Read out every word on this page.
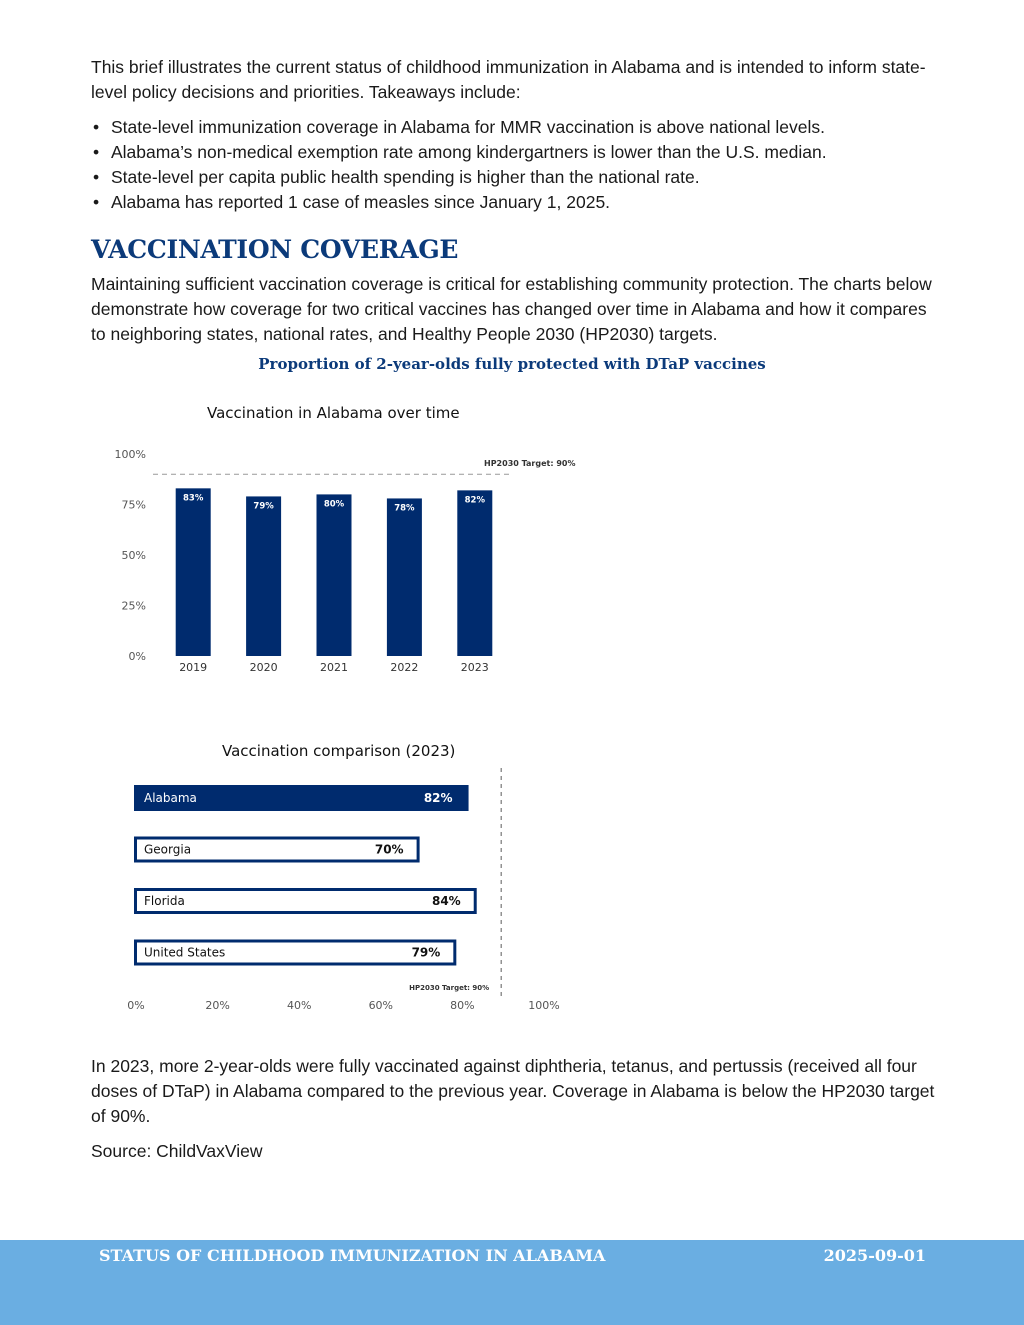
This brief illustrates the current status of childhood immunization in Alabama and is intended to inform state-level policy decisions and priorities. Takeaways include:

• State-level immunization coverage in Alabama for MMR vaccination is above national levels.
• Alabama’s non-medical exemption rate among kindergartners is lower than the U.S. median.
• State-level per capita public health spending is higher than the national rate.
• Alabama has reported 1 case of measles since January 1, 2025.
VACCINATION COVERAGE

Maintaining sufficient vaccination coverage is critical for establishing community protection. The charts below demonstrate how coverage for two critical vaccines has changed over time in Alabama and how it compares to neighboring states, national rates, and Healthy People 2030 (HP2030) targets.

Proportion of 2-year-olds fully protected with DTaP vaccines

Vaccination in Alabama over time

0%
25%
50%
75%
100%
HP2030 Target: 90%
83%
2019
79%
2020
80%
2021
78%
2022
82%
2023

Vaccination comparison (2023)

HP2030 Target: 90%
Alabama	82%
Georgia	70%
Florida	84%
United States	79%
0%	20%	40%	60%	80%	100%

In 2023, more 2-year-olds were fully vaccinated against diphtheria, tetanus, and pertussis (received all four doses of DTaP) in Alabama compared to the previous year. Coverage in Alabama is below the HP2030 target of 90%.

Source: ChildVaxView

STATUS OF CHILDHOOD IMMUNIZATION IN ALABAMA	2025-09-01
